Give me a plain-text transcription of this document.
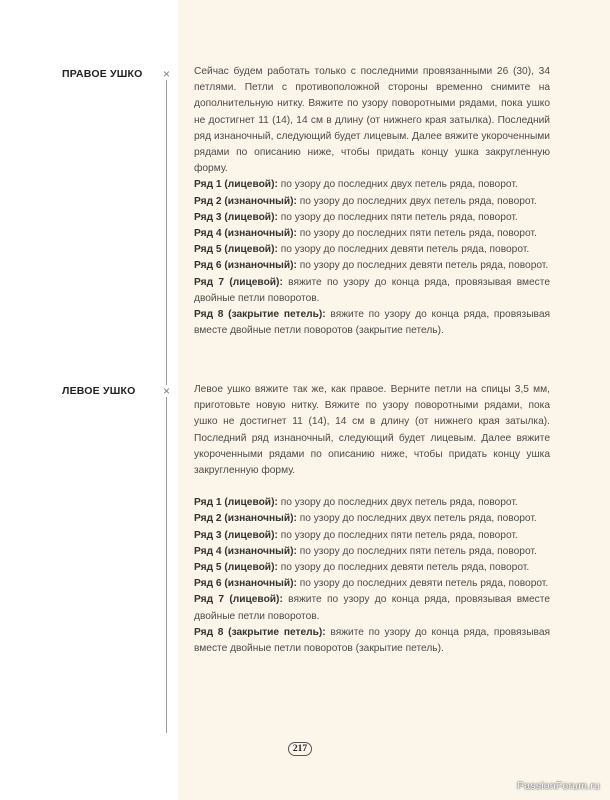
ПРАВОЕ УШКО × Сейчас будем работать только с последними провязанными 26 (30), 34 петлями. Петли с противоположной стороны временно снимите на дополнительную нитку. Вяжите по узору поворотными рядами, пока ушко не достигнет 11 (14), 14 см в длину (от нижнего края затылка). Последний ряд изнаночный, следующий будет лицевым. Далее вяжите укороченными рядами по описанию ниже, чтобы придать концу ушка закругленную форму.

Ряд 1 (лицевой): по узору до последних двух петель ряда, поворот.

Ряд 2 (изнаночный): по узору до последних двух петель ряда, поворот.

Ряд 3 (лицевой): по узору до последних пяти петель ряда, поворот.

Ряд 4 (изнаночный): по узору до последних пяти петель ряда, поворот.

Ряд 5 (лицевой): по узору до последних девяти петель ряда, поворот.

Ряд 6 (изнаночный): по узору до последних девяти петель ряда, поворот.

Ряд 7 (лицевой): вяжите по узору до конца ряда, провязывая вместе двойные петли поворотов.

Ряд 8 (закрытие петель): вяжите по узору до конца ряда, провязывая вместе двойные петли поворотов (закрытие петель).

ЛЕВОЕ УШКО × Левое ушко вяжите так же, как правое. Верните петли на спицы 3,5 мм, приготовьте новую нитку. Вяжите по узору поворотными рядами, пока ушко не достигнет 11 (14), 14 см в длину (от нижнего края затылка). Последний ряд изнаночный, следующий будет лицевым. Далее вяжите укороченными рядами по описанию ниже, чтобы придать концу ушка закругленную форму.

Ряд 1 (лицевой): по узору до последних двух петель ряда, поворот.

Ряд 2 (изнаночный): по узору до последних двух петель ряда, поворот.

Ряд 3 (лицевой): по узору до последних пяти петель ряда, поворот.

Ряд 4 (изнаночный): по узору до последних пяти петель ряда, поворот.

Ряд 5 (лицевой): по узору до последних девяти петель ряда, поворот.

Ряд 6 (изнаночный): по узору до последних девяти петель ряда, поворот.

Ряд 7 (лицевой): вяжите по узору до конца ряда, провязывая вместе двойные петли поворотов.

Ряд 8 (закрытие петель): вяжите по узору до конца ряда, провязывая вместе двойные петли поворотов (закрытие петель).

217
PassionForum.ru
